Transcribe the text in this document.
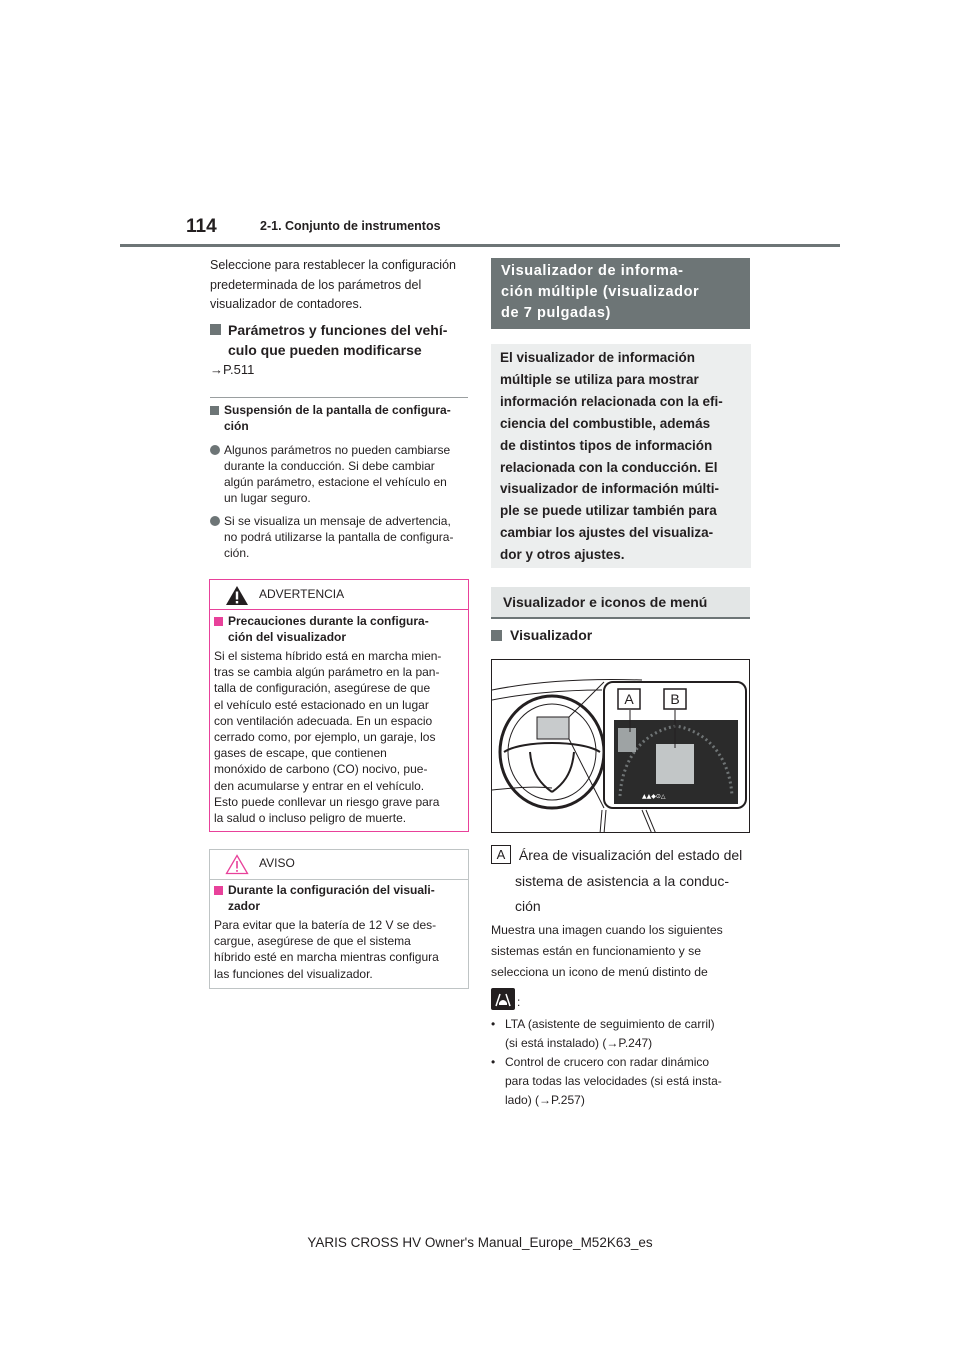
114	2-1. Conjunto de instrumentos
Seleccione para restablecer la configuración
predeterminada de los parámetros del
visualizador de contadores.
Parámetros y funciones del vehí-
culo que pueden modificarse
→P.511
Suspensión de la pantalla de configura-
ción
Algunos parámetros no pueden cambiarse
durante la conducción. Si debe cambiar
algún parámetro, estacione el vehículo en
un lugar seguro.
Si se visualiza un mensaje de advertencia,
no podrá utilizarse la pantalla de configura-
ción.
ADVERTENCIA
Precauciones durante la configura-
ción del visualizador
Si el sistema híbrido está en marcha mien-
tras se cambia algún parámetro en la pan-
talla de configuración, asegúrese de que
el vehículo esté estacionado en un lugar
con ventilación adecuada. En un espacio
cerrado como, por ejemplo, un garaje, los
gases de escape, que contienen
monóxido de carbono (CO) nocivo, pue-
den acumularse y entrar en el vehículo.
Esto puede conllevar un riesgo grave para
la salud o incluso peligro de muerte.
AVISO
Durante la configuración del visuali-
zador
Para evitar que la batería de 12 V se des-
cargue, asegúrese de que el sistema
híbrido esté en marcha mientras configura
las funciones del visualizador.
Visualizador de informa-
ción múltiple (visualizador
de 7 pulgadas)
El visualizador de información
múltiple se utiliza para mostrar
información relacionada con la efi-
ciencia del combustible, además
de distintos tipos de información
relacionada con la conducción. El
visualizador de información múlti-
ple se puede utilizar también para
cambiar los ajustes del visualiza-
dor y otros ajustes.
Visualizador e iconos de menú
Visualizador
▲▲◆⊙△
A	B
A Área de visualización del estado del
sistema de asistencia a la conduc-
ción
Muestra una imagen cuando los siguientes
sistemas están en funcionamiento y se
selecciona un icono de menú distinto de
:
• LTA (asistente de seguimiento de carril)
(si está instalado) (→P.247)
• Control de crucero con radar dinámico
para todas las velocidades (si está insta-
lado) (→P.257)
YARIS CROSS HV Owner's Manual_Europe_M52K63_es
